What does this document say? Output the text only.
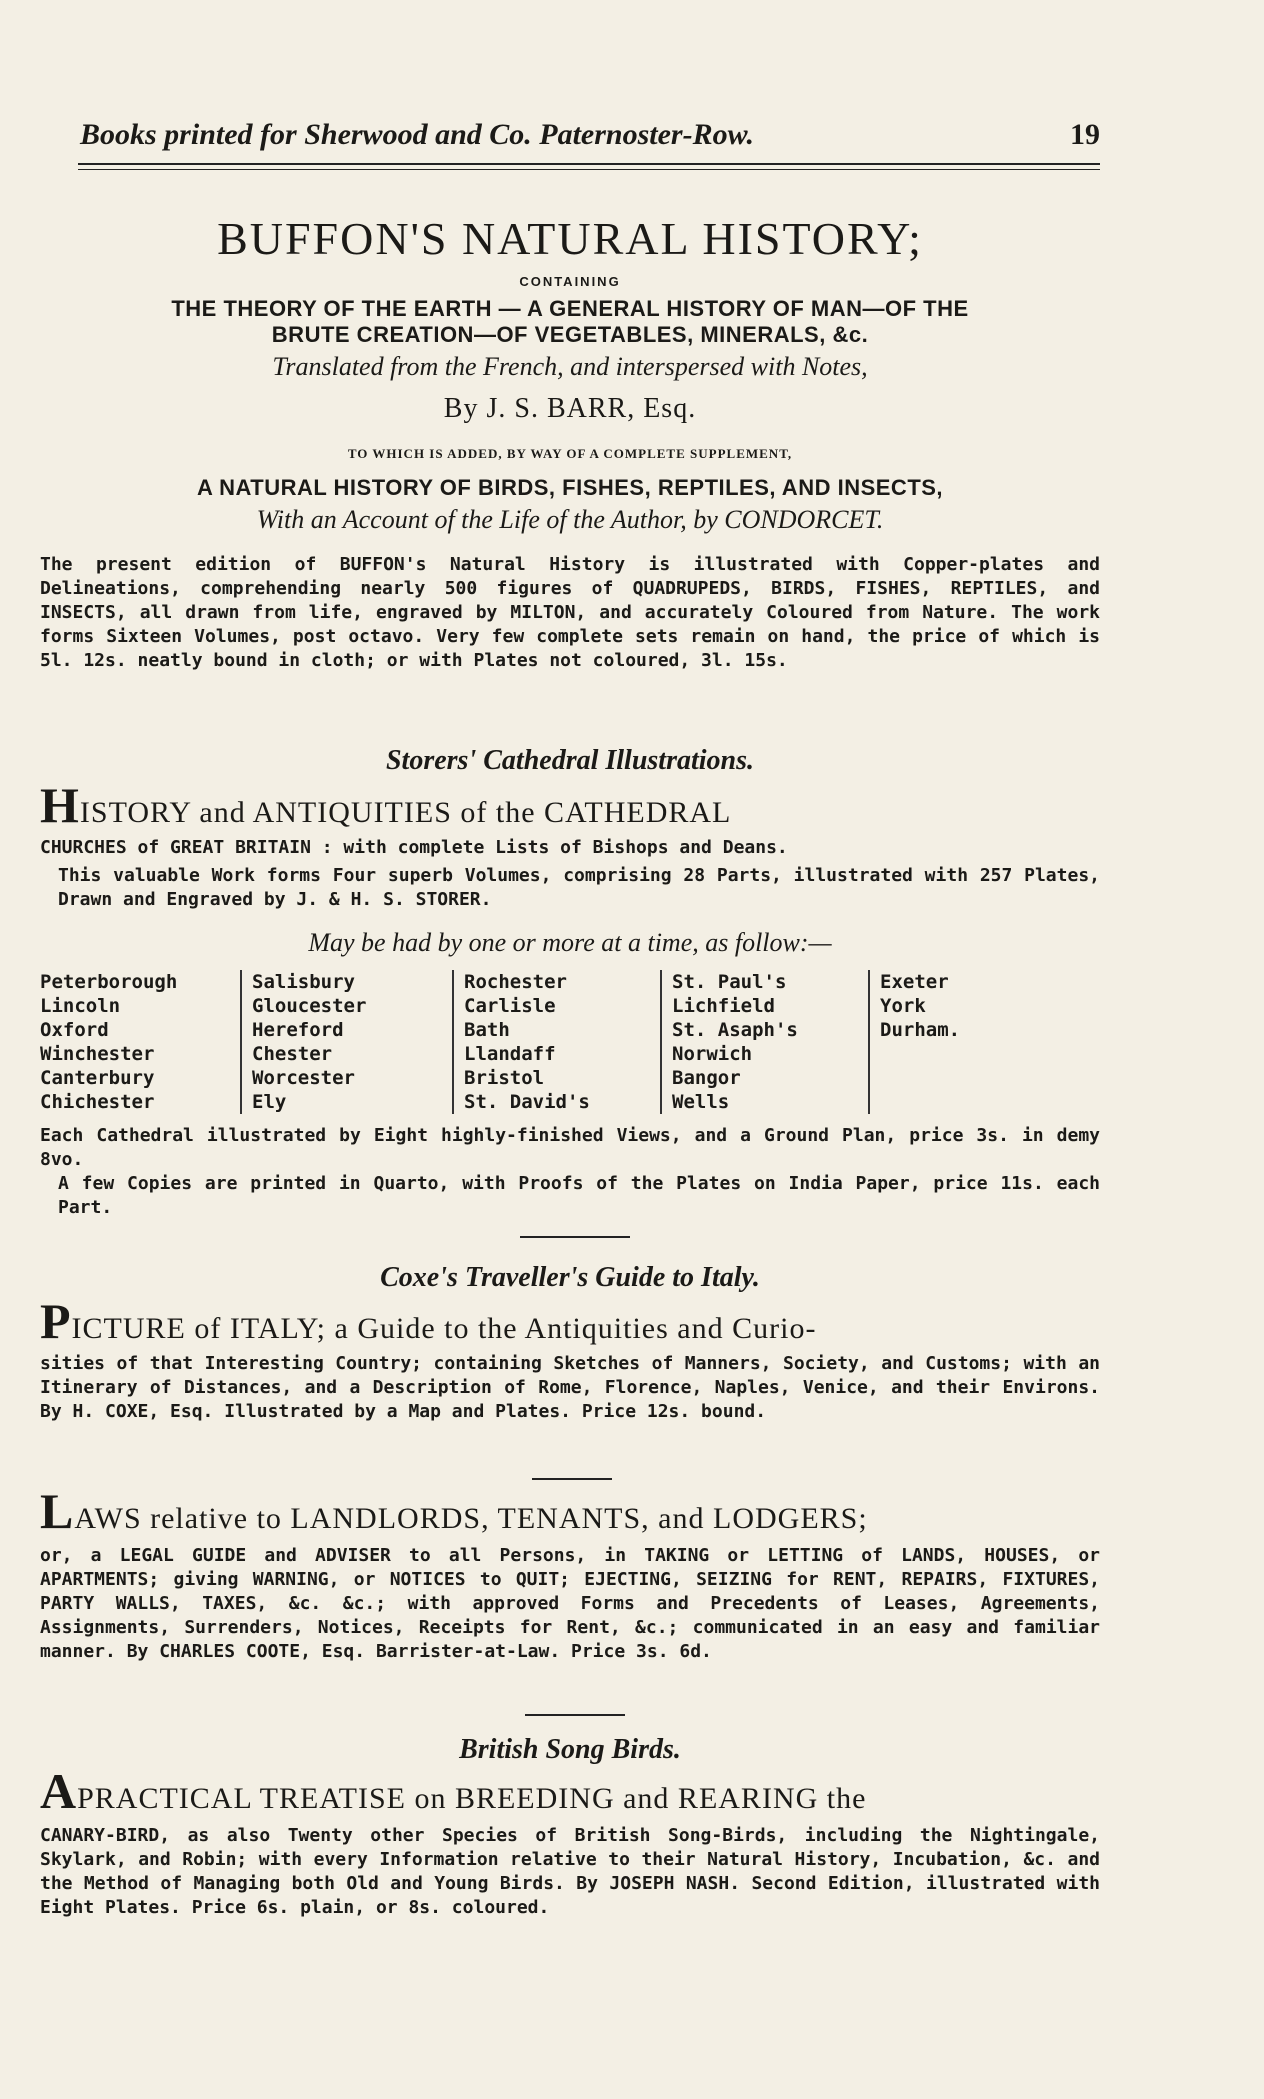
Books printed for Sherwood and Co. Paternoster-Row.	19
BUFFON'S NATURAL HISTORY;
CONTAINING
THE THEORY OF THE EARTH — A GENERAL HISTORY OF MAN—OF THE
BRUTE CREATION—OF VEGETABLES, MINERALS, &c.
Translated from the French, and interspersed with Notes,
By J. S. BARR, Esq.
TO WHICH IS ADDED, BY WAY OF A COMPLETE SUPPLEMENT,
A NATURAL HISTORY OF BIRDS, FISHES, REPTILES, AND INSECTS,
With an Account of the Life of the Author, by CONDORCET.
The present edition of BUFFON's Natural History is illustrated with Copper-plates and Delineations, comprehending nearly 500 figures of QUADRUPEDS, BIRDS, FISHES, REPTILES, and INSECTS, all drawn from life, engraved by MILTON, and accurately Coloured from Nature. The work forms Sixteen Volumes, post octavo. Very few complete sets remain on hand, the price of which is 5l. 12s. neatly bound in cloth; or with Plates not coloured, 3l. 15s.
Storers' Cathedral Illustrations.
HISTORY and ANTIQUITIES of the CATHEDRAL
CHURCHES of GREAT BRITAIN : with complete Lists of Bishops and Deans.
This valuable Work forms Four superb Volumes, comprising 28 Parts, illustrated with 257 Plates, Drawn and Engraved by J. & H. S. STORER.
May be had by one or more at a time, as follow:—
Peterborough
Lincoln
Oxford
Winchester
Canterbury
Chichester
Salisbury
Gloucester
Hereford
Chester
Worcester
Ely
Rochester
Carlisle
Bath
Llandaff
Bristol
St. David's
St. Paul's
Lichfield
St. Asaph's
Norwich
Bangor
Wells
Exeter
York
Durham.
Each Cathedral illustrated by Eight highly-finished Views, and a Ground Plan, price 3s. in demy 8vo.
A few Copies are printed in Quarto, with Proofs of the Plates on India Paper, price 11s. each Part.
Coxe's Traveller's Guide to Italy.
PICTURE of ITALY; a Guide to the Antiquities and Curio-
sities of that Interesting Country; containing Sketches of Manners, Society, and Customs; with an Itinerary of Distances, and a Description of Rome, Florence, Naples, Venice, and their Environs. By H. COXE, Esq. Illustrated by a Map and Plates. Price 12s. bound.
LAWS relative to LANDLORDS, TENANTS, and LODGERS;
or, a LEGAL GUIDE and ADVISER to all Persons, in TAKING or LETTING of LANDS, HOUSES, or APARTMENTS; giving WARNING, or NOTICES to QUIT; EJECTING, SEIZING for RENT, REPAIRS, FIXTURES, PARTY WALLS, TAXES, &c. &c.; with approved Forms and Precedents of Leases, Agreements, Assignments, Surrenders, Notices, Receipts for Rent, &c.; communicated in an easy and familiar manner. By CHARLES COOTE, Esq. Barrister-at-Law. Price 3s. 6d.
British Song Birds.
APRACTICAL TREATISE on BREEDING and REARING the
CANARY-BIRD, as also Twenty other Species of British Song-Birds, including the Nightingale, Skylark, and Robin; with every Information relative to their Natural History, Incubation, &c. and the Method of Managing both Old and Young Birds. By JOSEPH NASH. Second Edition, illustrated with Eight Plates. Price 6s. plain, or 8s. coloured.
